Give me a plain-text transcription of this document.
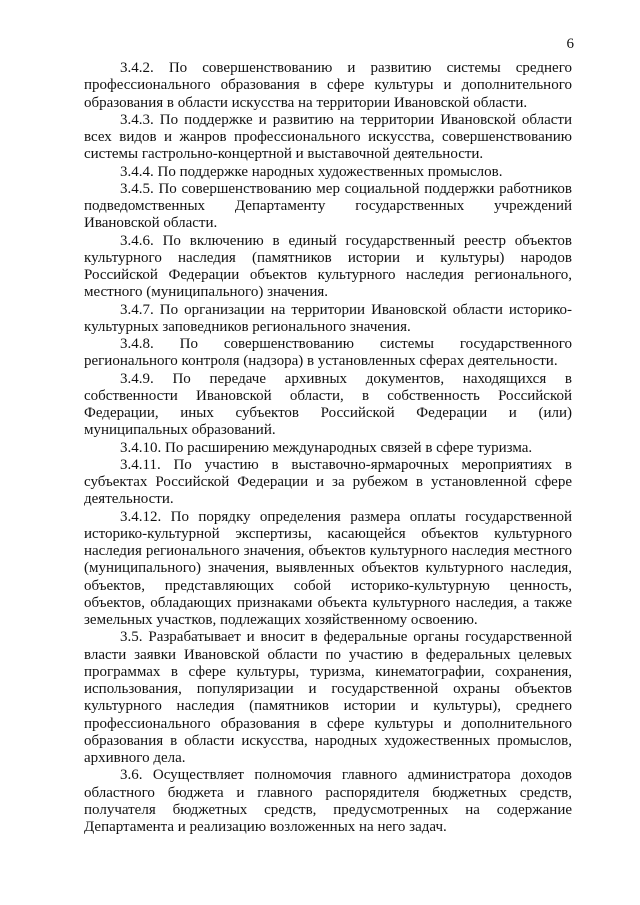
6

3.4.2. По совершенствованию и развитию системы среднего профессионального образования в сфере культуры и дополнительного образования в области искусства на территории Ивановской области.

3.4.3. По поддержке и развитию на территории Ивановской области всех видов и жанров профессионального искусства, совершенствованию системы гастрольно-концертной и выставочной деятельности.

3.4.4. По поддержке народных художественных промыслов.

3.4.5. По совершенствованию мер социальной поддержки работников подведомственных Департаменту государственных учреждений Ивановской области.

3.4.6. По включению в единый государственный реестр объектов культурного наследия (памятников истории и культуры) народов Российской Федерации объектов культурного наследия регионального, местного (муниципального) значения.

3.4.7. По организации на территории Ивановской области историко-культурных заповедников регионального значения.

3.4.8. По совершенствованию системы государственного регионального контроля (надзора) в установленных сферах деятельности.

3.4.9. По передаче архивных документов, находящихся в собственности Ивановской области, в собственность Российской Федерации, иных субъектов Российской Федерации и (или) муниципальных образований.

3.4.10. По расширению международных связей в сфере туризма.

3.4.11. По участию в выставочно-ярмарочных мероприятиях в субъектах Российской Федерации и за рубежом в установленной сфере деятельности.

3.4.12. По порядку определения размера оплаты государственной историко-культурной экспертизы, касающейся объектов культурного наследия регионального значения, объектов культурного наследия местного (муниципального) значения, выявленных объектов культурного наследия, объектов, представляющих собой историко-культурную ценность, объектов, обладающих признаками объекта культурного наследия, а также земельных участков, подлежащих хозяйственному освоению.

3.5. Разрабатывает и вносит в федеральные органы государственной власти заявки Ивановской области по участию в федеральных целевых программах в сфере культуры, туризма, кинематографии, сохранения, использования, популяризации и государственной охраны объектов культурного наследия (памятников истории и культуры), среднего профессионального образования в сфере культуры и дополнительного образования в области искусства, народных художественных промыслов, архивного дела.

3.6. Осуществляет полномочия главного администратора доходов областного бюджета и главного распорядителя бюджетных средств, получателя бюджетных средств, предусмотренных на содержание Департамента и реализацию возложенных на него задач.
